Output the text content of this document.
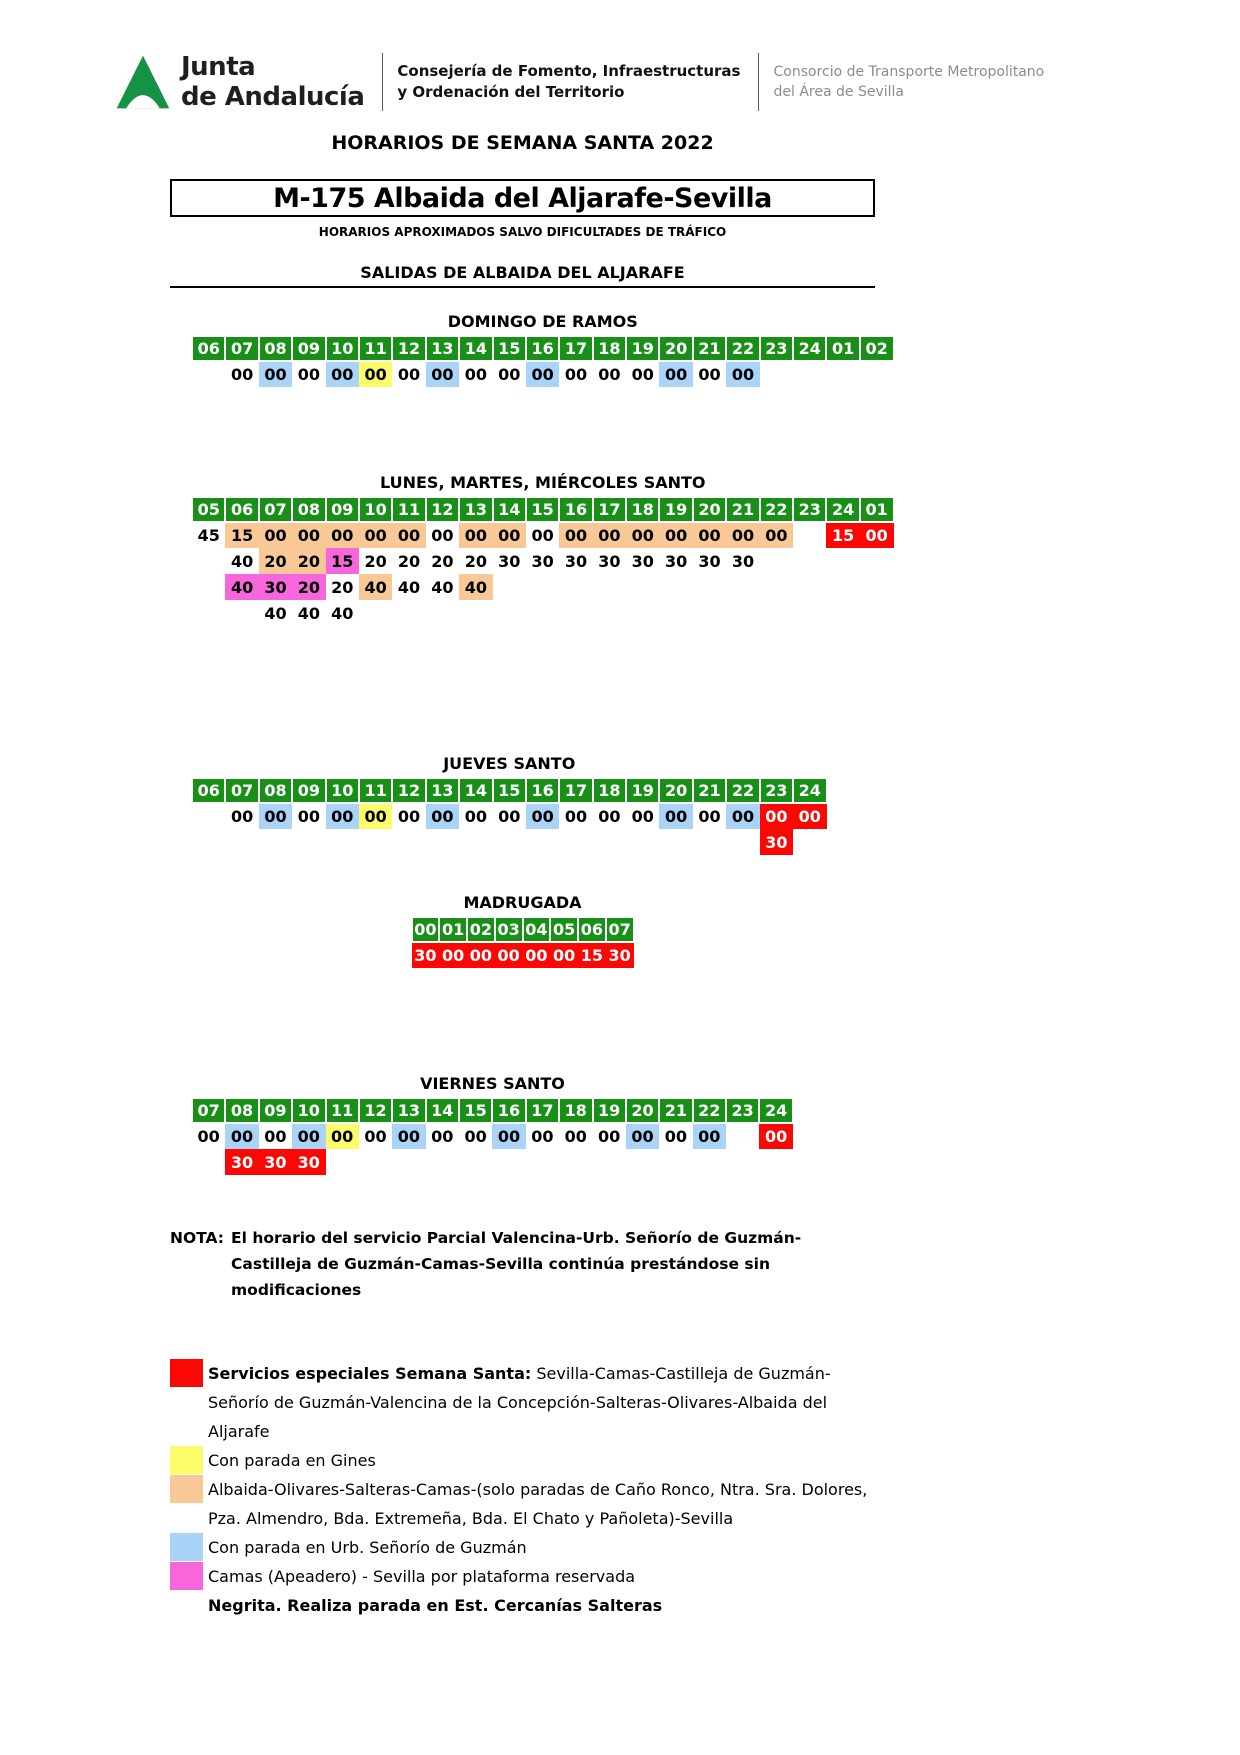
Junta
de Andalucía
Consejería de Fomento, Infraestructuras
y Ordenación del Territorio
Consorcio de Transporte Metropolitano
del Área de Sevilla
HORARIOS DE SEMANA SANTA 2022
M-175 Albaida del Aljarafe-Sevilla
HORARIOS APROXIMADOS SALVO DIFICULTADES DE TRÁFICO
SALIDAS DE ALBAIDA DEL ALJARAFE
DOMINGO DE RAMOS
06	07	08	09	10	11	12	13	14	15	16	17	18	19	20	21	22	23	24	01	02
	00	00	00	00	00	00	00	00	00	00	00	00	00	00	00	00				
LUNES, MARTES, MIÉRCOLES SANTO
05	06	07	08	09	10	11	12	13	14	15	16	17	18	19	20	21	22	23	24	01
45	15	00	00	00	00	00	00	00	00	00	00	00	00	00	00	00	00		15	00
	40	20	20	15	20	20	20	20	30	30	30	30	30	30	30	30				
	40	30	20	20	40	40	40	40												
		40	40	40																
JUEVES SANTO
06	07	08	09	10	11	12	13	14	15	16	17	18	19	20	21	22	23	24
	00	00	00	00	00	00	00	00	00	00	00	00	00	00	00	00	00	00
																	30	
MADRUGADA
00	01	02	03	04	05	06	07
30	00	00	00	00	00	15	30
VIERNES SANTO
07	08	09	10	11	12	13	14	15	16	17	18	19	20	21	22	23	24
00	00	00	00	00	00	00	00	00	00	00	00	00	00	00	00		00
	30	30	30														
NOTA: El horario del servicio Parcial Valencina-Urb. Señorío de Guzmán-Castilleja de Guzmán-Camas-Sevilla continúa prestándose sin modificaciones
Servicios especiales Semana Santa: Sevilla-Camas-Castilleja de Guzmán-Señorío de Guzmán-Valencina de la Concepción-Salteras-Olivares-Albaida del Aljarafe
Con parada en Gines
Albaida-Olivares-Salteras-Camas-(solo paradas de Caño Ronco, Ntra. Sra. Dolores, Pza. Almendro, Bda. Extremeña, Bda. El Chato y Pañoleta)-Sevilla
Con parada en Urb. Señorío de Guzmán
Camas (Apeadero) - Sevilla por plataforma reservada
Negrita. Realiza parada en Est. Cercanías Salteras
